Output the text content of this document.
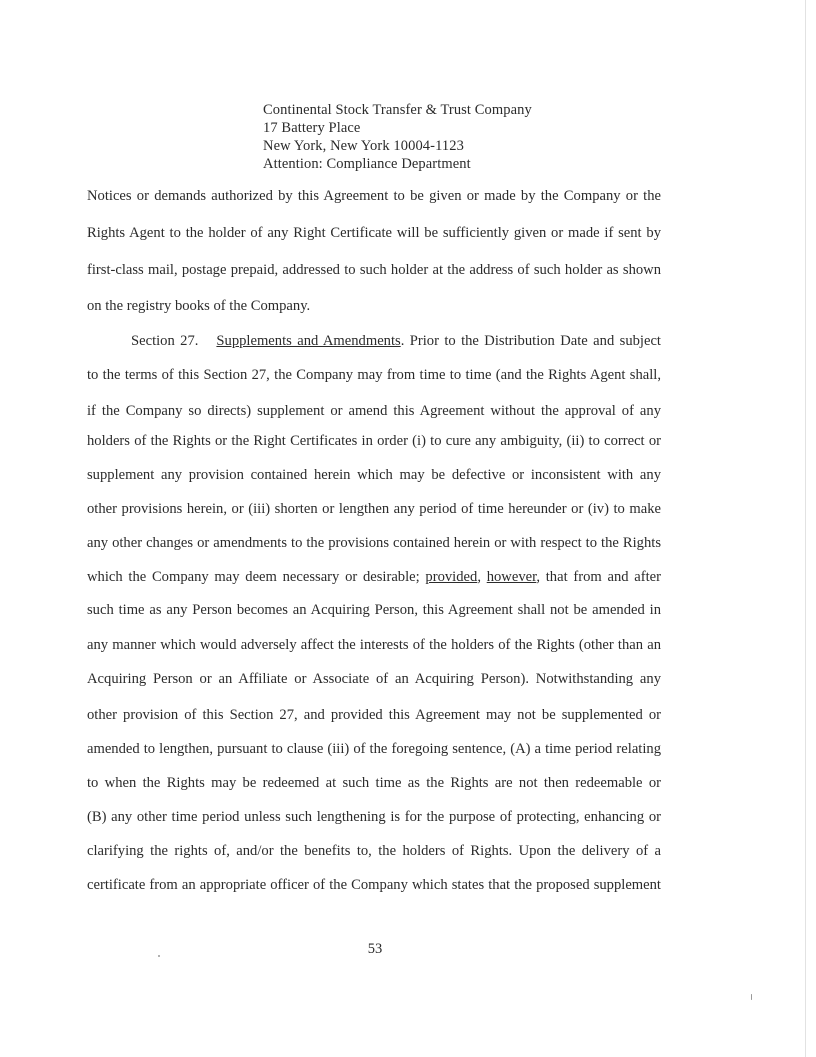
Continental Stock Transfer & Trust Company
17 Battery Place
New York, New York 10004-1123
Attention: Compliance Department
Notices or demands authorized by this Agreement to be given or made by the Company or the
Rights Agent to the holder of any Right Certificate will be sufficiently given or made if sent by
first-class mail, postage prepaid, addressed to such holder at the address of such holder as shown
on the registry books of the Company.
Section 27. Supplements and Amendments. Prior to the Distribution Date and subject
to the terms of this Section 27, the Company may from time to time (and the Rights Agent shall,
if the Company so directs) supplement or amend this Agreement without the approval of any
holders of the Rights or the Right Certificates in order (i) to cure any ambiguity, (ii) to correct or
supplement any provision contained herein which may be defective or inconsistent with any
other provisions herein, or (iii) shorten or lengthen any period of time hereunder or (iv) to make
any other changes or amendments to the provisions contained herein or with respect to the Rights
which the Company may deem necessary or desirable; provided, however, that from and after
such time as any Person becomes an Acquiring Person, this Agreement shall not be amended in
any manner which would adversely affect the interests of the holders of the Rights (other than an
Acquiring Person or an Affiliate or Associate of an Acquiring Person). Notwithstanding any
other provision of this Section 27, and provided this Agreement may not be supplemented or
amended to lengthen, pursuant to clause (iii) of the foregoing sentence, (A) a time period relating
to when the Rights may be redeemed at such time as the Rights are not then redeemable or
(B) any other time period unless such lengthening is for the purpose of protecting, enhancing or
clarifying the rights of, and/or the benefits to, the holders of Rights. Upon the delivery of a
certificate from an appropriate officer of the Company which states that the proposed supplement
53
